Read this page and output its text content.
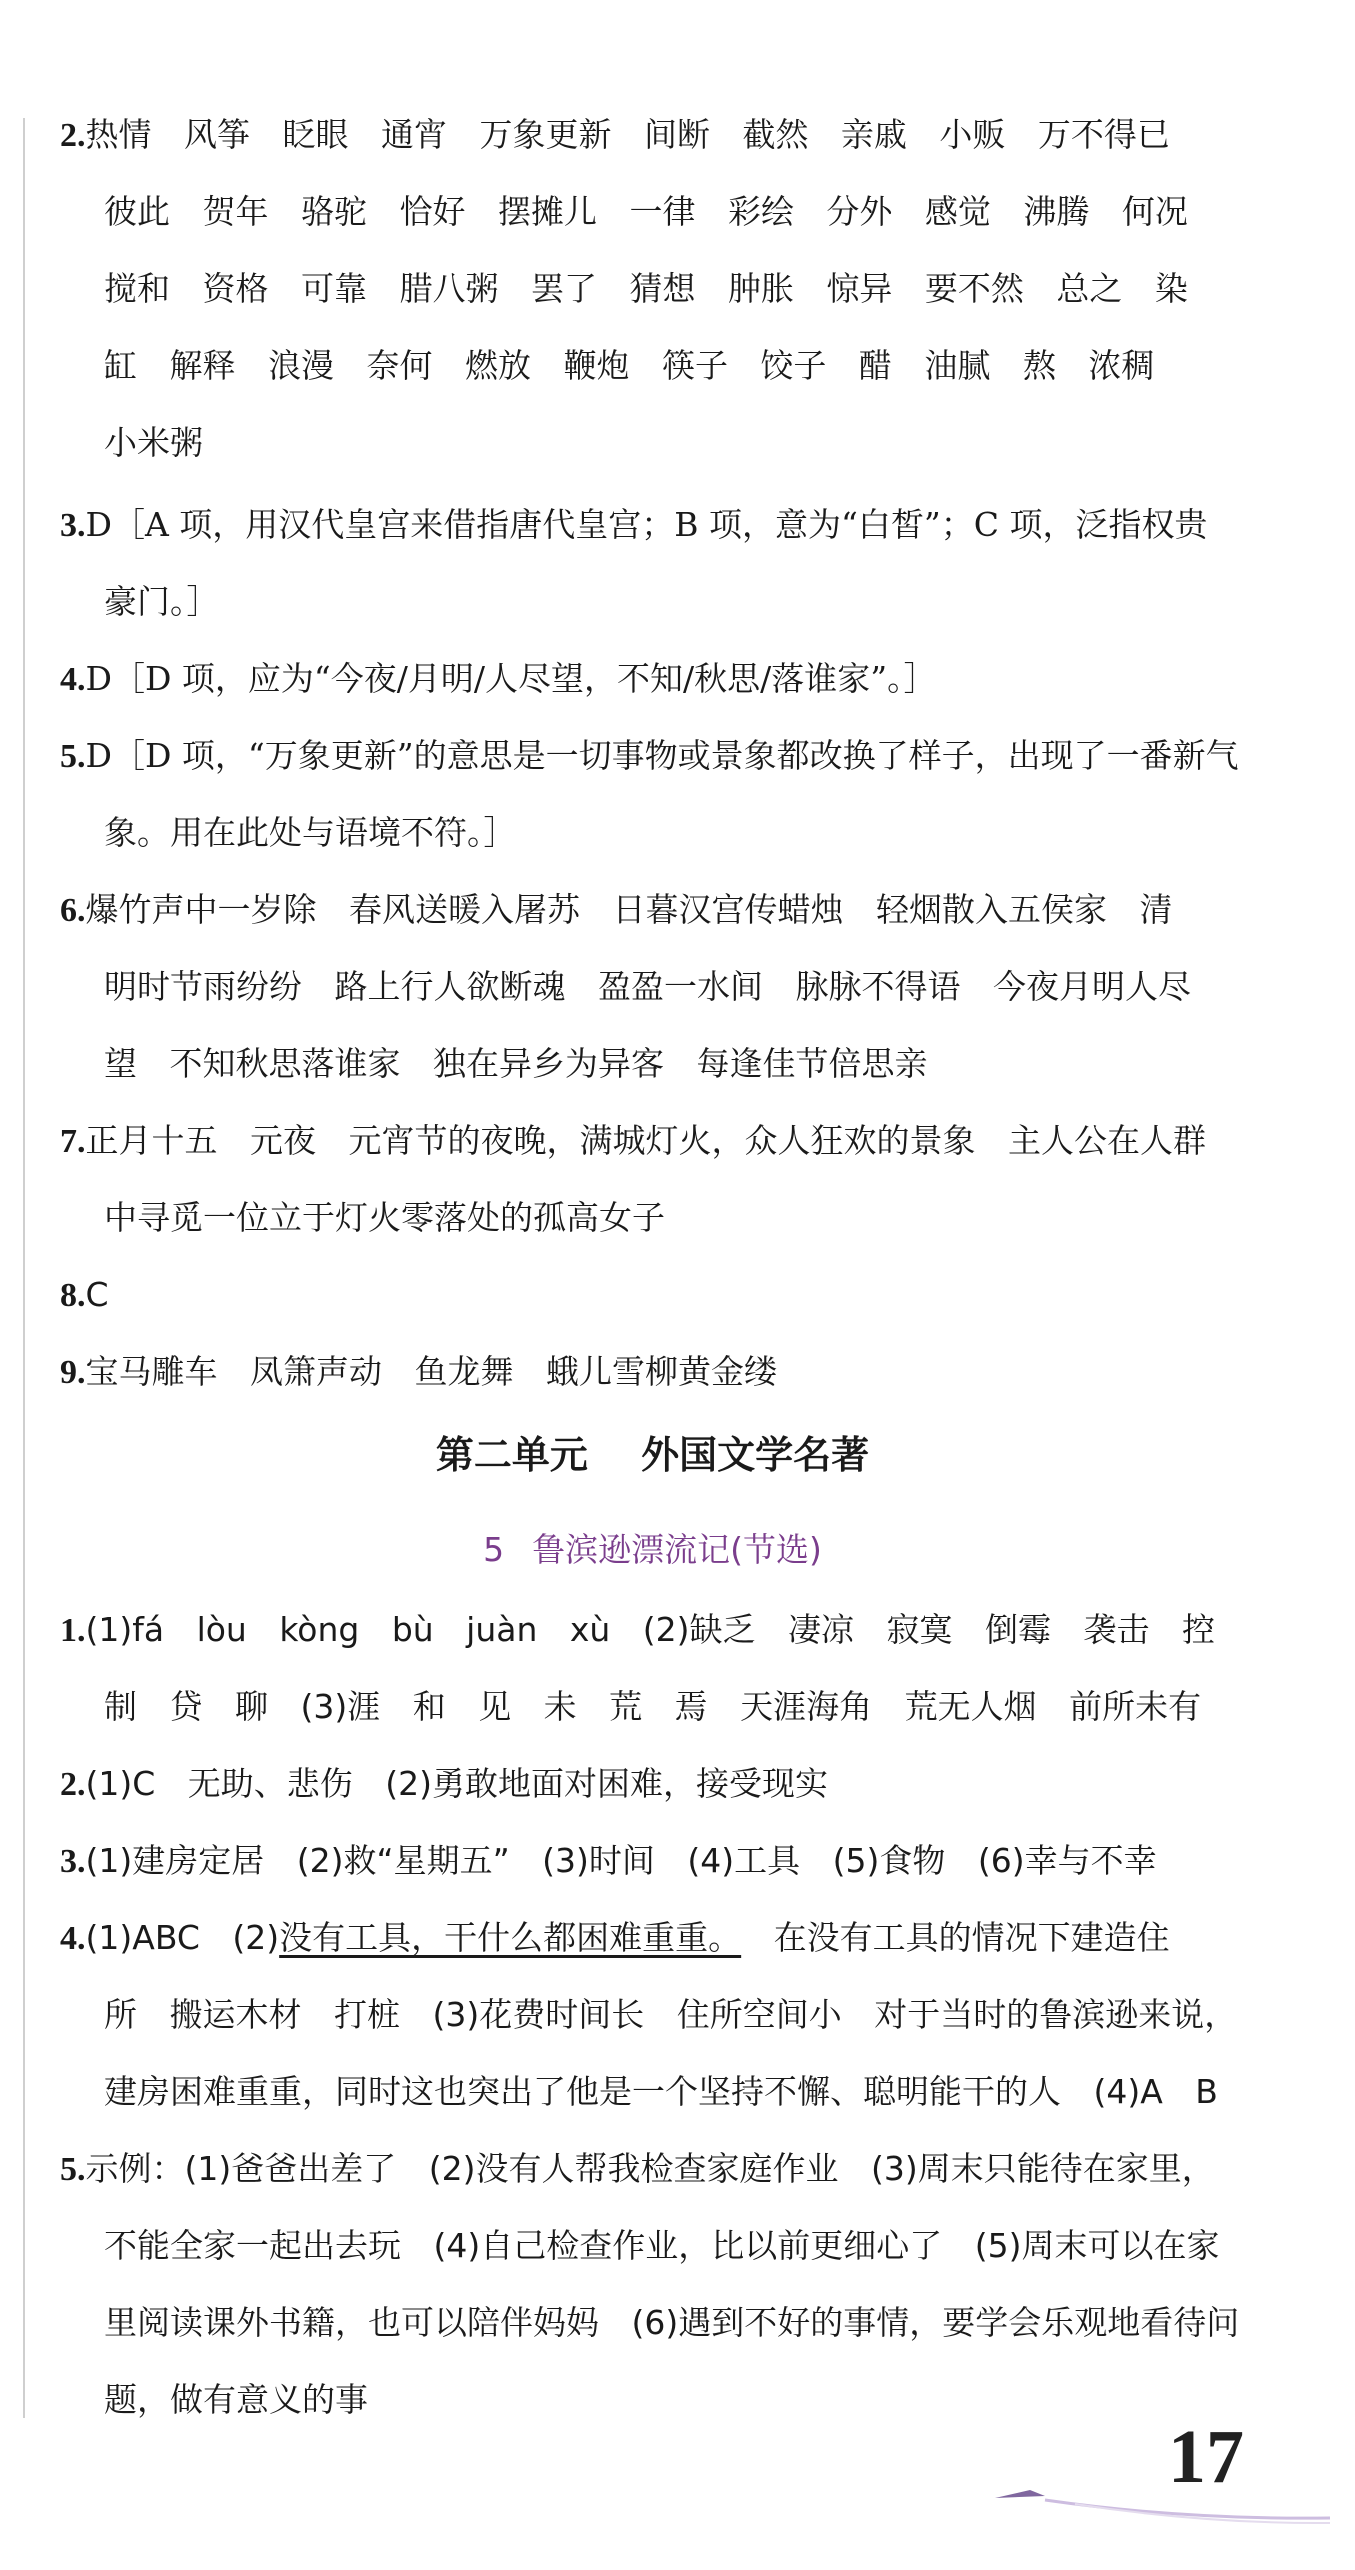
2.热情 风筝 眨眼 通宵 万象更新 间断 截然 亲戚 小贩 万不得已
彼此 贺年 骆驼 恰好 摆摊儿 一律 彩绘 分外 感觉 沸腾 何况
搅和 资格 可靠 腊八粥 罢了 猜想 肿胀 惊异 要不然 总之 染
缸 解释 浪漫 奈何 燃放 鞭炮 筷子 饺子 醋 油腻 熬 浓稠
小米粥
3.D［A 项，用汉代皇宫来借指唐代皇宫；B 项，意为“白皙”；C 项，泛指权贵
豪门。］
4.D［D 项，应为“今夜/月明/人尽望，不知/秋思/落谁家”。］
5.D［D 项，“万象更新”的意思是一切事物或景象都改换了样子，出现了一番新气
象。用在此处与语境不符。］
6.爆竹声中一岁除 春风送暖入屠苏 日暮汉宫传蜡烛 轻烟散入五侯家 清
明时节雨纷纷 路上行人欲断魂 盈盈一水间 脉脉不得语 今夜月明人尽
望 不知秋思落谁家 独在异乡为异客 每逢佳节倍思亲
7.正月十五 元夜 元宵节的夜晚，满城灯火，众人狂欢的景象 主人公在人群
中寻觅一位立于灯火零落处的孤高女子
8.C
9.宝马雕车 凤箫声动 鱼龙舞 蛾儿雪柳黄金缕
第二单元 外国文学名著
5 鲁滨逊漂流记(节选)
1.(1)fá lòu kòng bù juàn xù (2)缺乏 凄凉 寂寞 倒霉 袭击 控
制 贷 聊 (3)涯 和 见 未 荒 焉 天涯海角 荒无人烟 前所未有
2.(1)C 无助、悲伤 (2)勇敢地面对困难，接受现实
3.(1)建房定居 (2)救“星期五” (3)时间 (4)工具 (5)食物 (6)幸与不幸
4.(1)ABC (2)没有工具，干什么都困难重重。 在没有工具的情况下建造住
所 搬运木材 打桩 (3)花费时间长 住所空间小 对于当时的鲁滨逊来说，
建房困难重重，同时这也突出了他是一个坚持不懈、聪明能干的人 (4)A B
5.示例：(1)爸爸出差了 (2)没有人帮我检查家庭作业 (3)周末只能待在家里，
不能全家一起出去玩 (4)自己检查作业，比以前更细心了 (5)周末可以在家
里阅读课外书籍，也可以陪伴妈妈 (6)遇到不好的事情，要学会乐观地看待问
题，做有意义的事
17
